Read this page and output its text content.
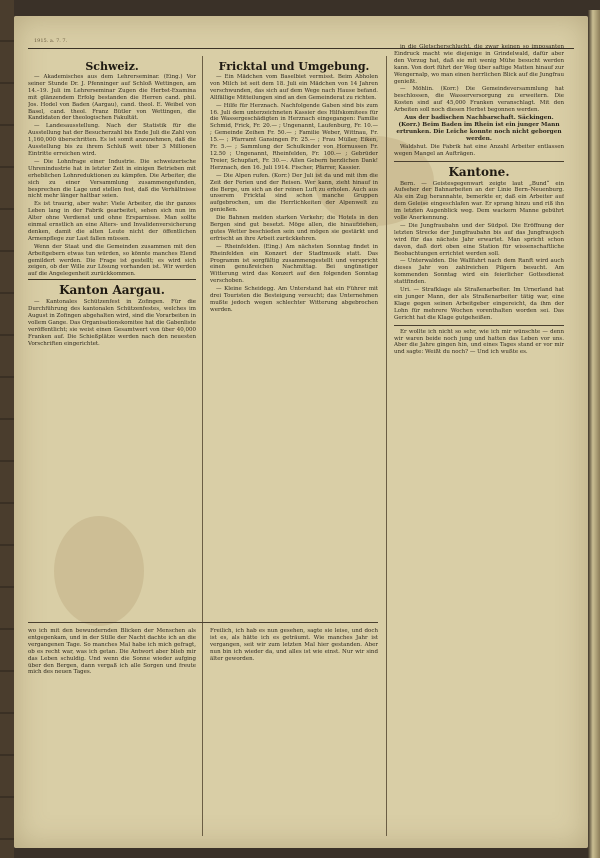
1915. a. 7. 7.

Schweiz.

— Akademisches aus dem Lehrerseminar. (Eing.) Vor seiner Stunde Dr. J. Pfenninger auf Schloß Wettingen, am 14.–19. Juli im Lehrerseminar Zugen die Herbst-Examina mit glänzendem Erfolg bestanden die Herren cand. phil. Jos. Hodel von Baden (Aargau), cand. theol. E. Weibel von Basel, cand. theol. Franz Bütler von Wettingen, die Kandidaten der theologischen Fakultät.

— Landesausstellung. Nach der Statistik für die Ausstellung hat der Besucherzahl bis Ende Juli die Zahl von 1,160,000 überschritten. Es ist somit anzunehmen, daß die Ausstellung bis zu ihrem Schluß weit über 3 Millionen Eintritte erreichen wird.

— Die Lohnfrage einer Industrie. Die schweizerische Uhrenindustrie hat in letzter Zeit in einigen Betrieben mit erheblichen Lohnreduktionen zu kämpfen. Die Arbeiter, die sich zu einer Versammlung zusammengefunden, besprechen die Lage und stellen fest, daß die Verhältnisse nicht mehr länger haltbar seien.

Es ist traurig, aber wahr: Viele Arbeiter, die ihr ganzes Leben lang in der Fabrik gearbeitet, sehen sich nun im Alter ohne Verdienst und ohne Ersparnisse. Man sollte einmal ernstlich an eine Alters- und Invalidenversicherung denken, damit die alten Leute nicht der öffentlichen Armenpflege zur Last fallen müssen.

Wenn der Staat und die Gemeinden zusammen mit den Arbeitgebern etwas tun würden, so könnte manches Elend gemildert werden. Die Frage ist gestellt; es wird sich zeigen, ob der Wille zur Lösung vorhanden ist. Wir werden auf die Angelegenheit zurückkommen.

Kanton Aargau.

— Kantonales Schützenfest in Zofingen. Für die Durchführung des kantonalen Schützenfestes, welches im August in Zofingen abgehalten wird, sind die Vorarbeiten in vollem Gange. Das Organisationskomitee hat die Gabenliste veröffentlicht; sie weist einen Gesamtwert von über 40,000 Franken auf. Die Schießplätze werden nach den neuesten Vorschriften eingerichtet.

Fricktal und Umgebung.

— Ein Mädchen vom Baselbiet vermisst. Beim Abholen von Milch ist seit dem 18. Juli ein Mädchen von 14 Jahren verschwunden, das sich auf dem Wege nach Hause befand. Allfällige Mitteilungen sind an den Gemeinderat zu richten.

— Hilfe für Herznach. Nachfolgende Gaben sind bis zum 16. Juli dem unterzeichneten Kassier des Hilfskomitees für die Wassergeschädigten in Herznach eingegangen: Familie Schmid, Frick, Fr. 20.— ; Ungenannt, Laufenburg, Fr. 10.— ; Gemeinde Zeihen Fr. 50.— ; Familie Weber, Wittnau, Fr. 15.— ; Pfarramt Gansingen Fr. 25.— ; Frau Müller, Eiken, Fr. 5.— ; Sammlung der Schulkinder von Hornussen Fr. 12.50 ; Ungenannt, Rheinfelden, Fr. 100.— ; Gebrüder Treier, Schupfart, Fr. 30.—. Allen Gebern herzlichen Dank! Herznach, den 16. Juli 1914. Fischer, Pfarrer, Kassier.

— Die Alpen rufen. (Korr.) Der Juli ist da und mit ihm die Zeit der Ferien und der Reisen. Wer kann, zieht hinauf in die Berge, um sich an der reinen Luft zu erholen. Auch aus unserem Fricktal sind schon manche Gruppen aufgebrochen, um die Herrlichkeiten der Alpenwelt zu genießen.

Die Bahnen melden starken Verkehr; die Hotels in den Bergen sind gut besetzt. Möge allen, die hinaufziehen, gutes Wetter beschieden sein und mögen sie gestärkt und erfrischt an ihre Arbeit zurückkehren.

— Rheinfelden. (Eing.) Am nächsten Sonntag findet in Rheinfelden ein Konzert der Stadtmusik statt. Das Programm ist sorgfältig zusammengestellt und verspricht einen genußreichen Nachmittag. Bei ungünstiger Witterung wird das Konzert auf den folgenden Sonntag verschoben.

— Kleine Scheidegg. Am Unterstand hat ein Führer mit drei Touristen die Besteigung versucht; das Unternehmen mußte jedoch wegen schlechter Witterung abgebrochen werden.

in die Gletscherschlucht, die zwar keinen so imposanten Eindruck macht wie diejenige in Grindelwald, dafür aber den Vorzug hat, daß sie mit wenig Mühe besucht werden kann. Von dort führt der Weg über saftige Matten hinauf zur Wengernalp, wo man einen herrlichen Blick auf die Jungfrau genießt.

— Möhlin. (Korr.) Die Gemeindeversammlung hat beschlossen, die Wasserversorgung zu erweitern. Die Kosten sind auf 45,000 Franken veranschlagt. Mit den Arbeiten soll noch diesen Herbst begonnen werden.

Aus der badischen Nachbarschaft. Säckingen. (Korr.) Beim Baden im Rhein ist ein junger Mann ertrunken. Die Leiche konnte noch nicht geborgen werden.

Waldshut. Die Fabrik hat eine Anzahl Arbeiter entlassen wegen Mangel an Aufträgen.

Kantone.

Bern. — Geistesgegenwart zeigte laut „Bund“ ein Aufseher der Bahnarbeiten an der Linie Bern–Neuenburg. Als ein Zug herannahte, bemerkte er, daß ein Arbeiter auf dem Geleise eingeschlafen war. Er sprang hinzu und riß ihn im letzten Augenblick weg. Dem wackern Manne gebührt volle Anerkennung.

— Die Jungfraubahn und der Südpol. Die Eröffnung der letzten Strecke der Jungfraubahn bis auf das Jungfraujoch wird für das nächste Jahr erwartet. Man spricht schon davon, daß dort oben eine Station für wissenschaftliche Beobachtungen errichtet werden soll.

— Unterwalden. Die Wallfahrt nach dem Ranft wird auch dieses Jahr von zahlreichen Pilgern besucht. Am kommenden Sonntag wird ein feierlicher Gottesdienst stattfinden.

Uri. — Strafklage als Straßenarbeiter. Im Urnerland hat ein junger Mann, der als Straßenarbeiter tätig war, eine Klage gegen seinen Arbeitgeber eingereicht, da ihm der Lohn für mehrere Wochen vorenthalten worden sei. Das Gericht hat die Klage gutgeheißen.

Er wollte ich nicht so sehr, wie ich mir wünschte — denn wir waren beide noch jung und hatten das Leben vor uns. Aber die Jahre gingen hin, und eines Tages stand er vor mir und sagte: Weißt du noch? — Und ich wußte es.

wo ich mit den bewundernden Blicken der Menschen als entgegenkam, und in der Stille der Nacht dachte ich an die vergangenen Tage. So manches Mal habe ich mich gefragt, ob es recht war, was ich getan. Die Antwort aber blieb mir das Leben schuldig. Und wenn die Sonne wieder aufging über den Bergen, dann vergaß ich alle Sorgen und freute mich des neuen Tages.
Freilich, ich hab es nun gesehen, sagte sie leise, und doch ist es, als hätte ich es geträumt. Wie manches Jahr ist vergangen, seit wir zum letzten Mal hier gestanden. Aber nun bin ich wieder da, und alles ist wie einst. Nur wir sind älter geworden.
